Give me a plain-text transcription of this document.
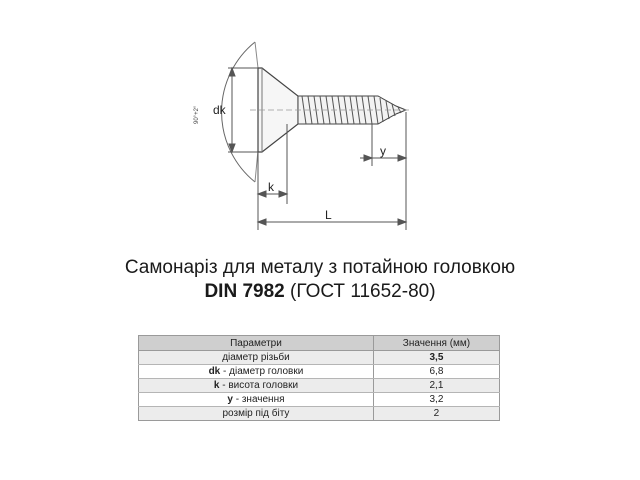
dk
90°+2°
k
y
L
Самонаріз для металу з потайною головкою
DIN 7982 (ГОСТ 11652-80)
Параметри	Значення (мм)
діаметр різьби	3,5
dk - діаметр головки	6,8
k - висота головки	2,1
y - значення	3,2
розмір під біту	2
